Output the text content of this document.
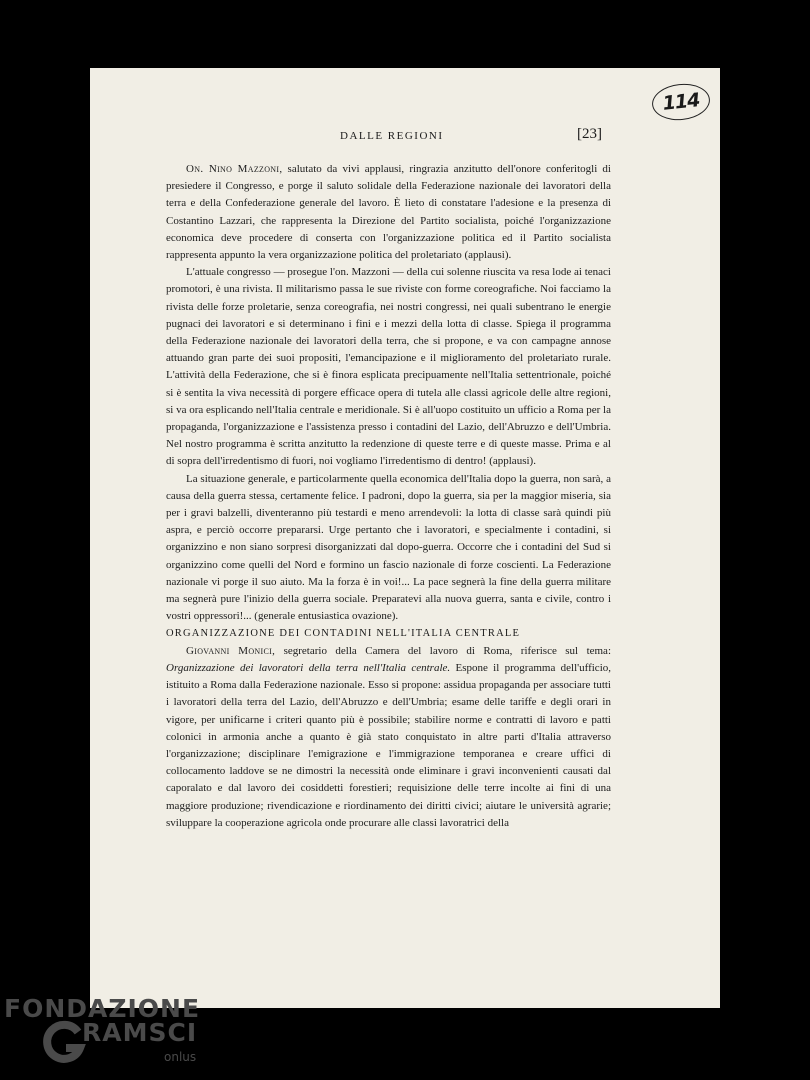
114
DALLE REGIONI	[23]

On. Nino Mazzoni, salutato da vivi applausi, ringrazia anzitutto dell'onore conferitogli di presiedere il Congresso, e porge il saluto solidale della Federazione nazionale dei lavoratori della terra e della Confederazione generale del lavoro. È lieto di constatare l'adesione e la presenza di Costantino Lazzari, che rappresenta la Direzione del Partito socialista, poiché l'organizzazione economica deve procedere di conserta con l'organizzazione politica ed il Partito socialista rappresenta appunto la vera organizzazione politica del proletariato (applausi).

L'attuale congresso — prosegue l'on. Mazzoni — della cui solenne riuscita va resa lode ai tenaci promotori, è una rivista. Il militarismo passa le sue riviste con forme coreografiche. Noi facciamo la rivista delle forze proletarie, senza coreografia, nei nostri congressi, nei quali subentrano le energie pugnaci dei lavoratori e si determinano i fini e i mezzi della lotta di classe. Spiega il programma della Federazione nazionale dei lavoratori della terra, che si propone, e va con campagne annose attuando gran parte dei suoi propositi, l'emancipazione e il miglioramento del proletariato rurale. L'attività della Federazione, che si è finora esplicata precipuamente nell'Italia settentrionale, poiché si è sentita la viva necessità di porgere efficace opera di tutela alle classi agricole delle altre regioni, si va ora esplicando nell'Italia centrale e meridionale. Si è all'uopo costituito un ufficio a Roma per la propaganda, l'organizzazione e l'assistenza presso i contadini del Lazio, dell'Abruzzo e dell'Umbria. Nel nostro programma è scritta anzitutto la redenzione di queste terre e di queste masse. Prima e al di sopra dell'irredentismo di fuori, noi vogliamo l'irredentismo di dentro! (applausi).

La situazione generale, e particolarmente quella economica dell'Italia dopo la guerra, non sarà, a causa della guerra stessa, certamente felice. I padroni, dopo la guerra, sia per la maggior miseria, sia per i gravi balzelli, diventeranno più testardi e meno arrendevoli: la lotta di classe sarà quindi più aspra, e perciò occorre prepararsi. Urge pertanto che i lavoratori, e specialmente i contadini, si organizzino e non siano sorpresi disorganizzati dal dopo-guerra. Occorre che i contadini del Sud si organizzino come quelli del Nord e formino un fascio nazionale di forze coscienti. La Federazione nazionale vi porge il suo aiuto. Ma la forza è in voi!... La pace segnerà la fine della guerra militare ma segnerà pure l'inizio della guerra sociale. Preparatevi alla nuova guerra, santa e civile, contro i vostri oppressori!... (generale entusiastica ovazione).

ORGANIZZAZIONE DEI CONTADINI NELL'ITALIA CENTRALE

Giovanni Monici, segretario della Camera del lavoro di Roma, riferisce sul tema: Organizzazione dei lavoratori della terra nell'Italia centrale. Espone il programma dell'ufficio, istituito a Roma dalla Federazione nazionale. Esso si propone: assidua propaganda per associare tutti i lavoratori della terra del Lazio, dell'Abruzzo e dell'Umbria; esame delle tariffe e degli orari in vigore, per unificarne i criteri quanto più è possibile; stabilire norme e contratti di lavoro e patti colonici in armonia anche a quanto è già stato conquistato in altre parti d'Italia attraverso l'organizzazione; disciplinare l'emigrazione e l'immigrazione temporanea e creare uffici di collocamento laddove se ne dimostri la necessità onde eliminare i gravi inconvenienti causati dal caporalato e dal lavoro dei cosiddetti forestieri; requisizione delle terre incolte ai fini di una maggiore produzione; rivendicazione e riordinamento dei diritti civici; aiutare le università agrarie; sviluppare la cooperazione agricola onde procurare alle classi lavoratrici della

FONDAZIONE
RAMSCI
onlus
